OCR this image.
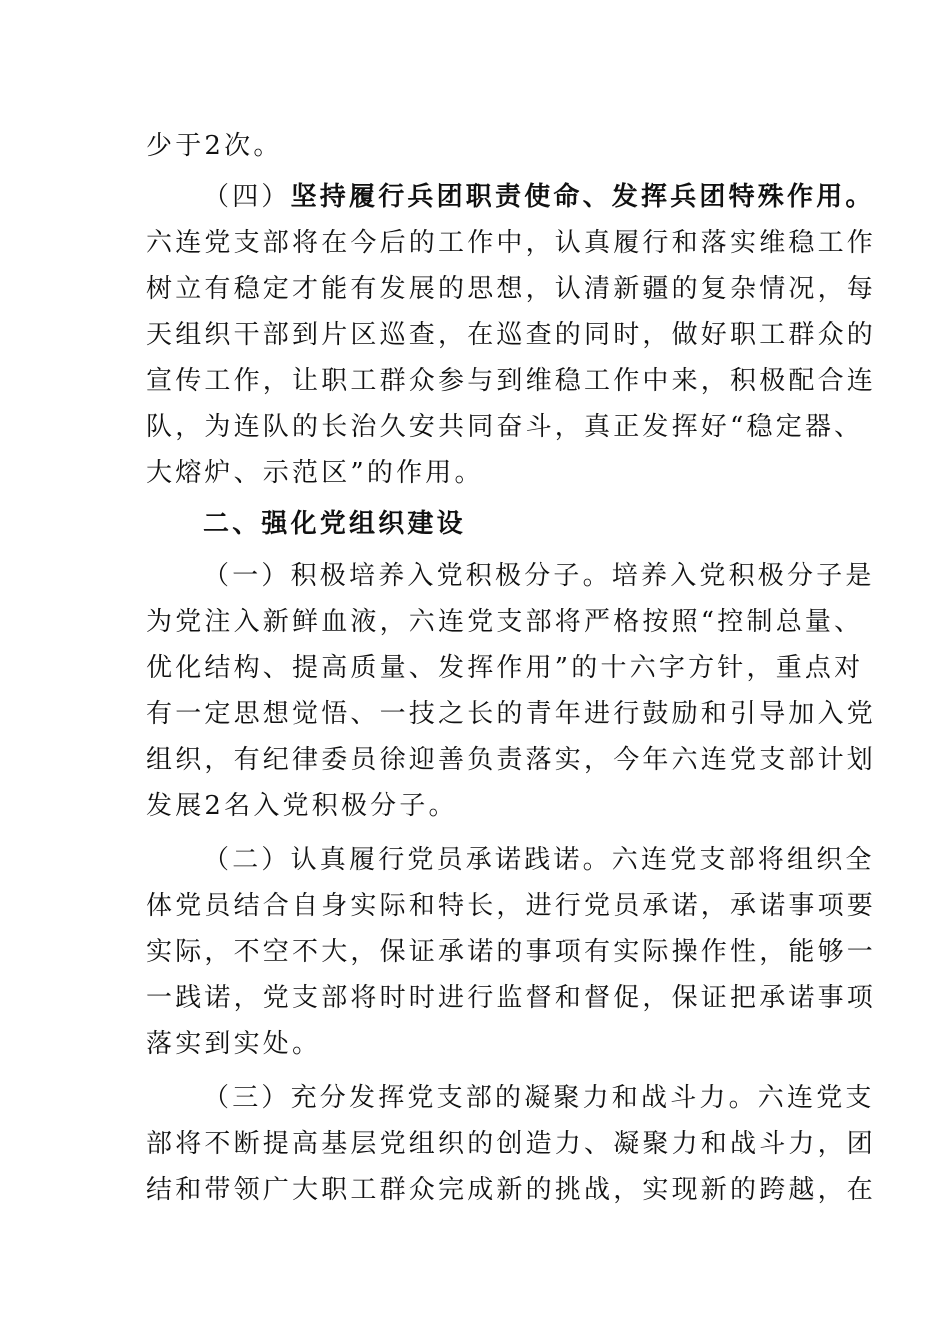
少于2次。
（四）坚持履行兵团职责使命、发挥兵团特殊作用。
六连党支部将在今后的工作中，认真履行和落实维稳工作
树立有稳定才能有发展的思想，认清新疆的复杂情况，每
天组织干部到片区巡查，在巡查的同时，做好职工群众的
宣传工作，让职工群众参与到维稳工作中来，积极配合连
队，为连队的长治久安共同奋斗，真正发挥好“稳定器、
大熔炉、示范区”的作用。
二、强化党组织建设
（一）积极培养入党积极分子。培养入党积极分子是
为党注入新鲜血液，六连党支部将严格按照“控制总量、
优化结构、提高质量、发挥作用”的十六字方针，重点对
有一定思想觉悟、一技之长的青年进行鼓励和引导加入党
组织，有纪律委员徐迎善负责落实，今年六连党支部计划
发展2名入党积极分子。
（二）认真履行党员承诺践诺。六连党支部将组织全
体党员结合自身实际和特长，进行党员承诺，承诺事项要
实际，不空不大，保证承诺的事项有实际操作性，能够一
一践诺，党支部将时时进行监督和督促，保证把承诺事项
落实到实处。
（三）充分发挥党支部的凝聚力和战斗力。六连党支
部将不断提高基层党组织的创造力、凝聚力和战斗力，团
结和带领广大职工群众完成新的挑战，实现新的跨越，在
